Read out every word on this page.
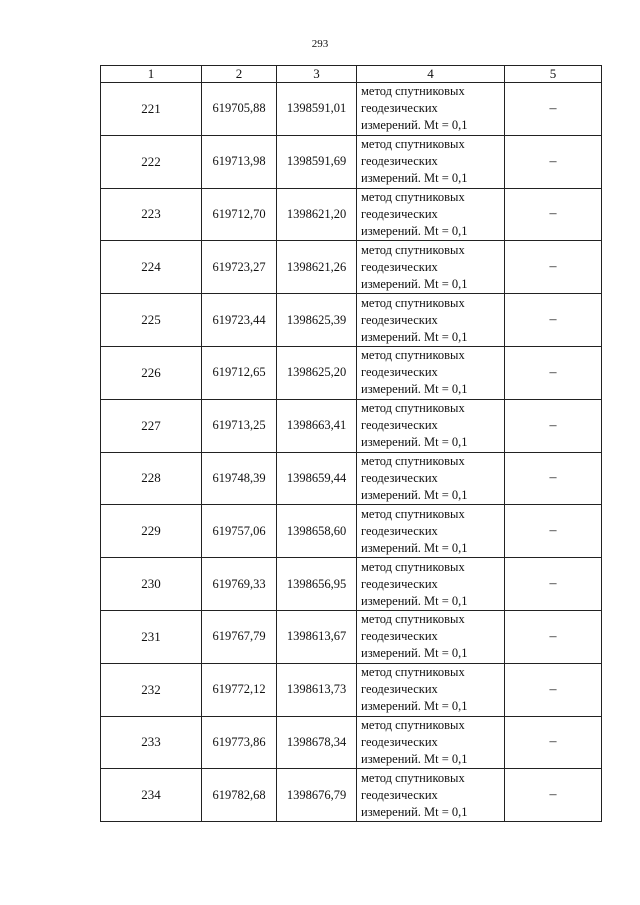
293
1	2	3	4	5
221	619705,88	1398591,01	метод спутниковых
геодезических
измерений. Mt = 0,1	–
222	619713,98	1398591,69	метод спутниковых
геодезических
измерений. Mt = 0,1	–
223	619712,70	1398621,20	метод спутниковых
геодезических
измерений. Mt = 0,1	–
224	619723,27	1398621,26	метод спутниковых
геодезических
измерений. Mt = 0,1	–
225	619723,44	1398625,39	метод спутниковых
геодезических
измерений. Mt = 0,1	–
226	619712,65	1398625,20	метод спутниковых
геодезических
измерений. Mt = 0,1	–
227	619713,25	1398663,41	метод спутниковых
геодезических
измерений. Mt = 0,1	–
228	619748,39	1398659,44	метод спутниковых
геодезических
измерений. Mt = 0,1	–
229	619757,06	1398658,60	метод спутниковых
геодезических
измерений. Mt = 0,1	–
230	619769,33	1398656,95	метод спутниковых
геодезических
измерений. Mt = 0,1	–
231	619767,79	1398613,67	метод спутниковых
геодезических
измерений. Mt = 0,1	–
232	619772,12	1398613,73	метод спутниковых
геодезических
измерений. Mt = 0,1	–
233	619773,86	1398678,34	метод спутниковых
геодезических
измерений. Mt = 0,1	–
234	619782,68	1398676,79	метод спутниковых
геодезических
измерений. Mt = 0,1	–
